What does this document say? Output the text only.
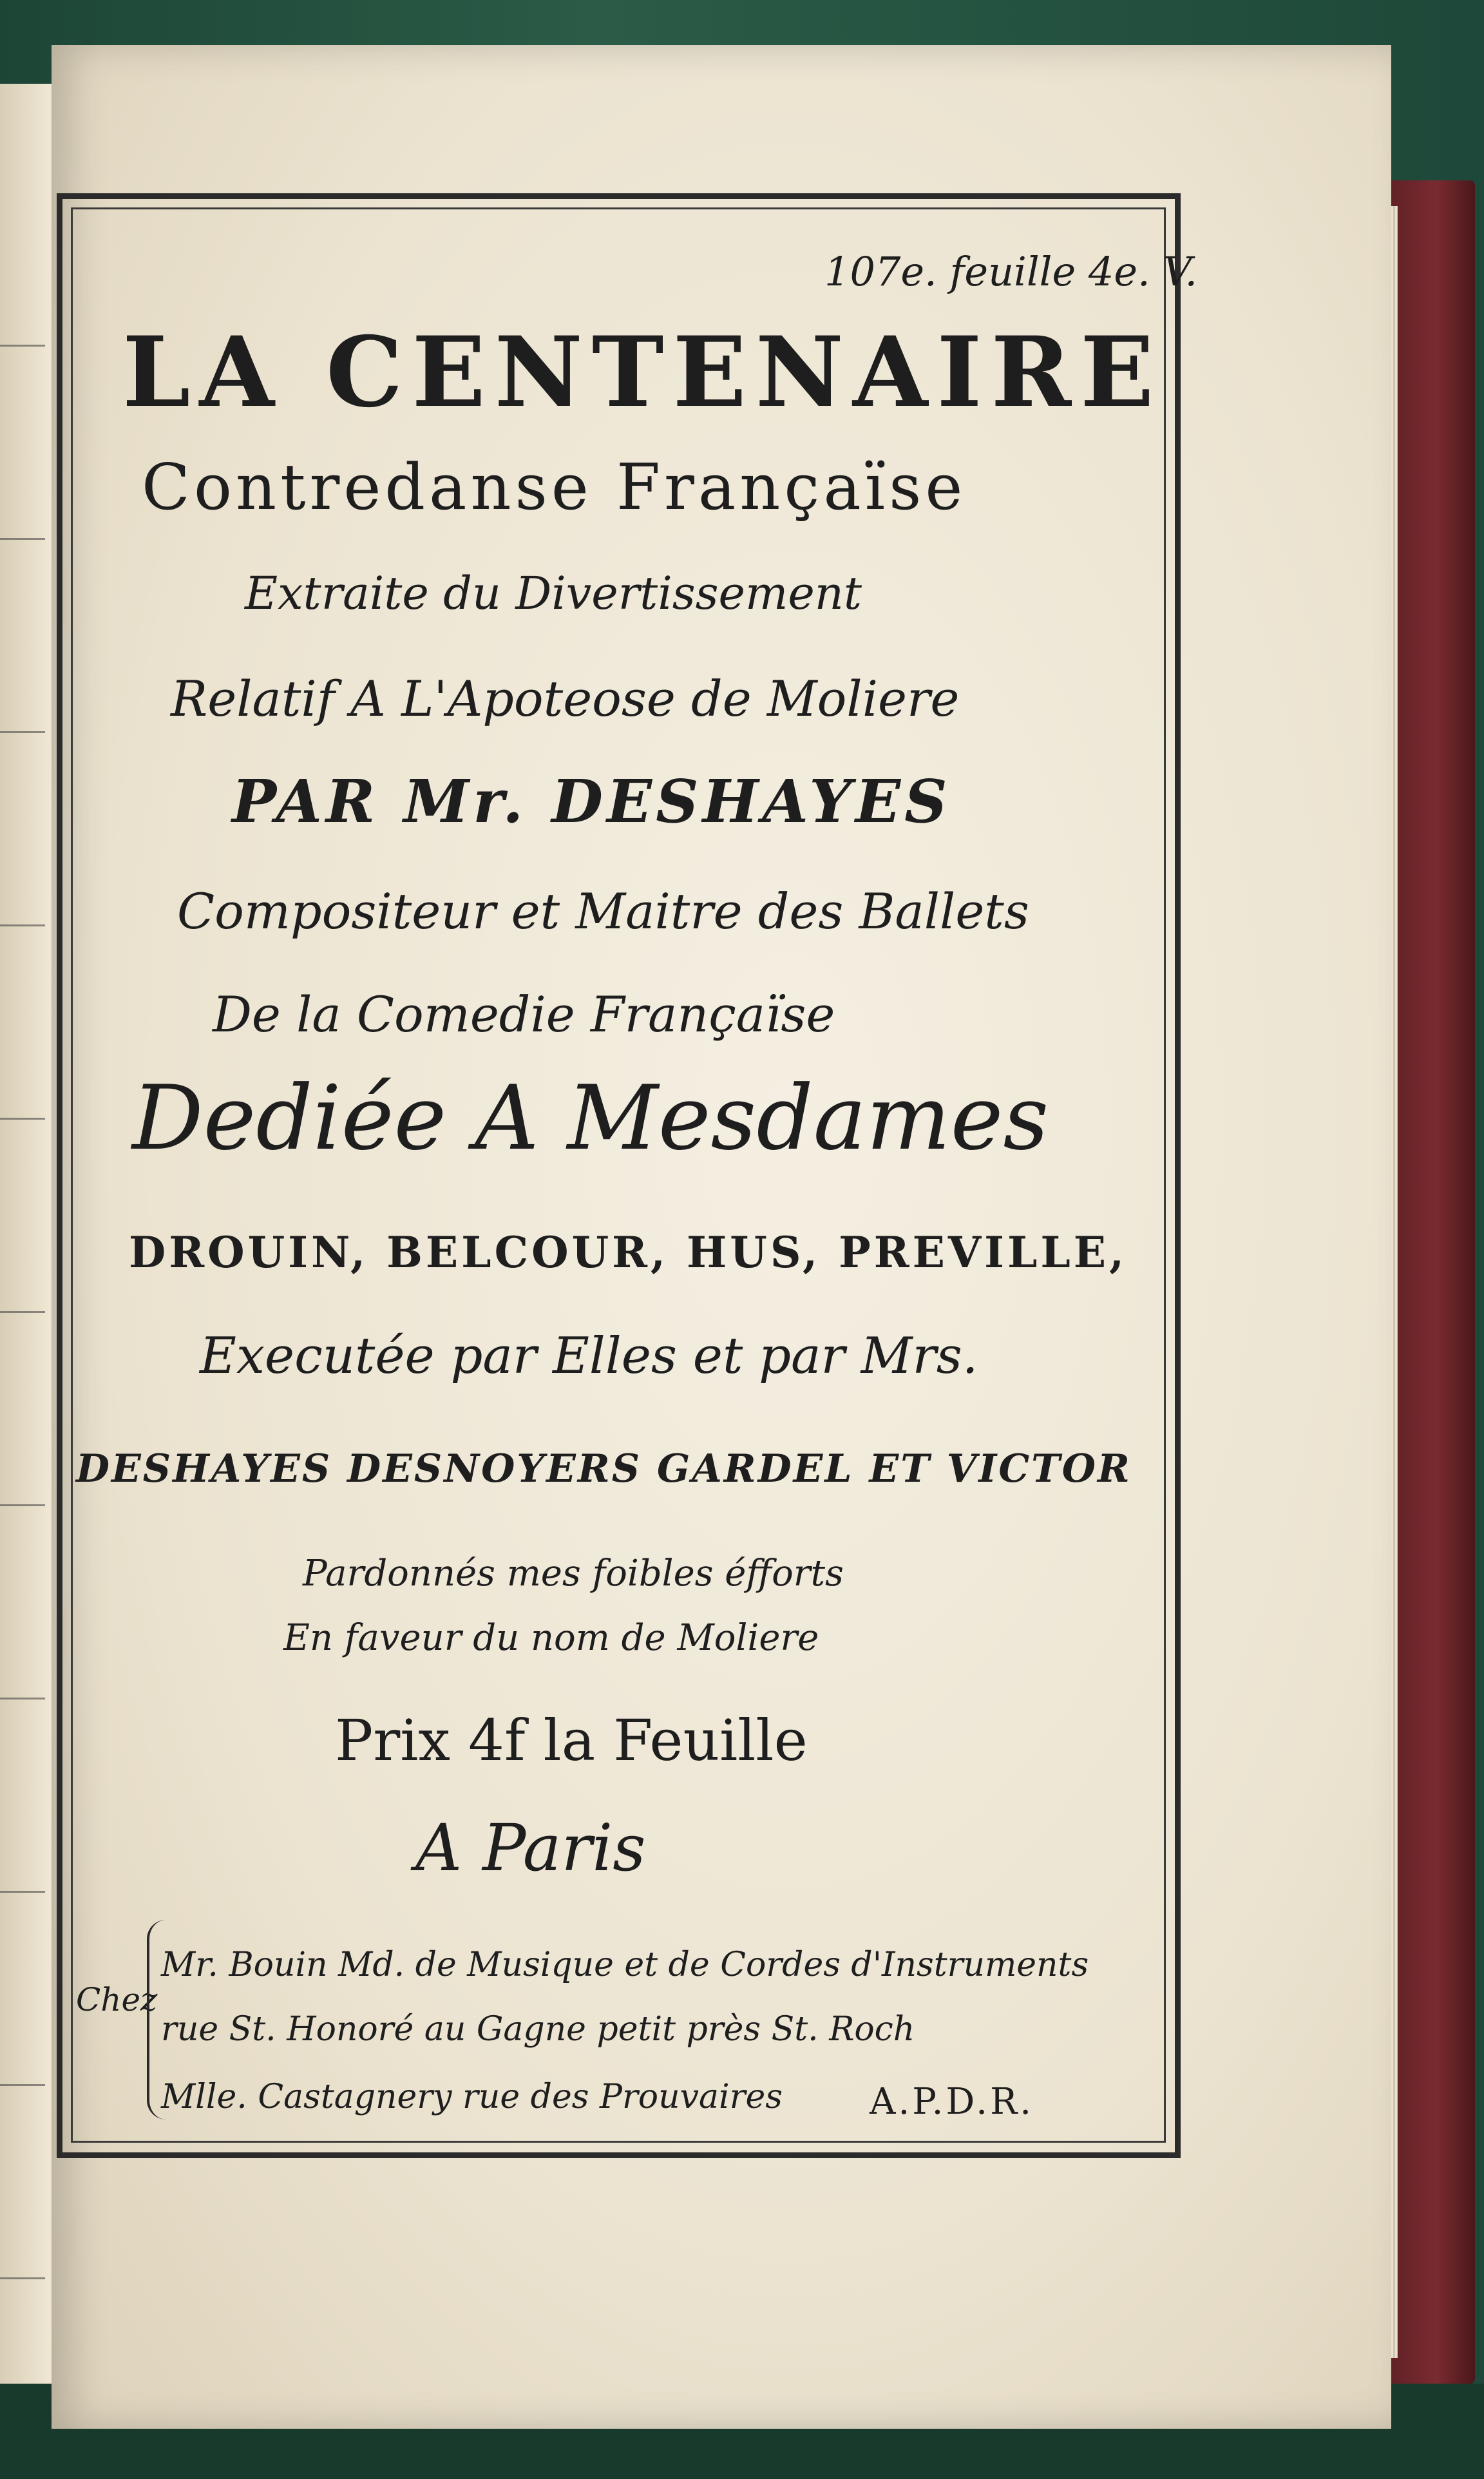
107e. feuille 4e. V.
LA CENTENAIRE
Contredanse Françaïse
Extraite du Divertissement
Relatif A L'Apoteose de Moliere
PAR Mr. DESHAYES
Compositeur et Maitre des Ballets
De la Comedie Françaïse
Dediée A Mesdames
DROUIN, BELCOUR, HUS, PREVILLE,
Executée par Elles et par Mrs.
DESHAYES DESNOYERS GARDEL ET VICTOR
Pardonnés mes foibles éfforts
En faveur du nom de Moliere
Prix 4f la Feuille
A Paris
Chez
Mr. Bouin Md. de Musique et de Cordes d'Instruments
rue St. Honoré au Gagne petit près St. Roch
Mlle. Castagnery rue des Prouvaires A.P.D.R.
